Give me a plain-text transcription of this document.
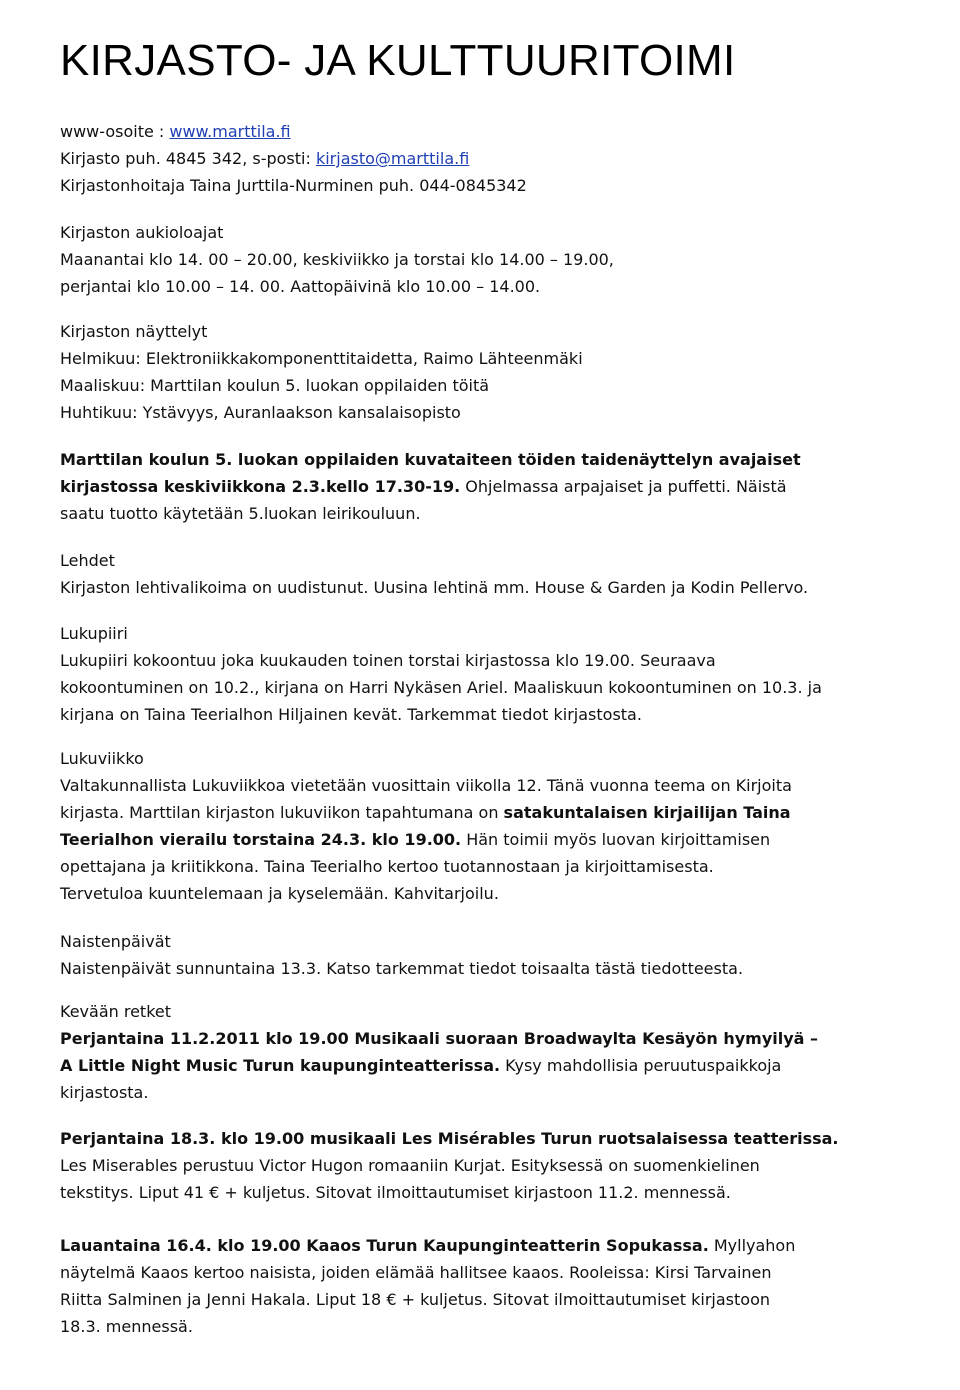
KIRJASTO- JA KULTTUURITOIMI
www-osoite : www.marttila.fi
Kirjasto puh. 4845 342, s-posti: kirjasto@marttila.fi
Kirjastonhoitaja Taina Jurttila-Nurminen puh. 044-0845342
Kirjaston aukioloajat
Maanantai klo 14. 00 – 20.00, keskiviikko ja torstai klo 14.00 – 19.00,
perjantai klo 10.00 – 14. 00. Aattopäivinä klo 10.00 – 14.00.
Kirjaston näyttelyt
Helmikuu: Elektroniikkakomponenttitaidetta, Raimo Lähteenmäki
Maaliskuu: Marttilan koulun 5. luokan oppilaiden töitä
Huhtikuu: Ystävyys, Auranlaakson kansalaisopisto
Marttilan koulun 5. luokan oppilaiden kuvataiteen töiden taidenäyttelyn avajaiset
kirjastossa keskiviikkona 2.3.kello 17.30-19. Ohjelmassa arpajaiset ja puffetti. Näistä
saatu tuotto käytetään 5.luokan leirikouluun.
Lehdet
Kirjaston lehtivalikoima on uudistunut. Uusina lehtinä mm. House & Garden ja Kodin Pellervo.
Lukupiiri
Lukupiiri kokoontuu joka kuukauden toinen torstai kirjastossa klo 19.00. Seuraava
kokoontuminen on 10.2., kirjana on Harri Nykäsen Ariel. Maaliskuun kokoontuminen on 10.3. ja
kirjana on Taina Teerialhon Hiljainen kevät. Tarkemmat tiedot kirjastosta.
Lukuviikko
Valtakunnallista Lukuviikkoa vietetään vuosittain viikolla 12. Tänä vuonna teema on Kirjoita
kirjasta. Marttilan kirjaston lukuviikon tapahtumana on satakuntalaisen kirjailijan Taina
Teerialhon vierailu torstaina 24.3. klo 19.00. Hän toimii myös luovan kirjoittamisen
opettajana ja kriitikkona. Taina Teerialho kertoo tuotannostaan ja kirjoittamisesta.
Tervetuloa kuuntelemaan ja kyselemään. Kahvitarjoilu.
Naistenpäivät
Naistenpäivät sunnuntaina 13.3. Katso tarkemmat tiedot toisaalta tästä tiedotteesta.
Kevään retket
Perjantaina 11.2.2011 klo 19.00 Musikaali suoraan Broadwaylta Kesäyön hymyilyä –
A Little Night Music Turun kaupunginteatterissa. Kysy mahdollisia peruutuspaikkoja
kirjastosta.
Perjantaina 18.3. klo 19.00 musikaali Les Misérables Turun ruotsalaisessa teatterissa.
Les Miserables perustuu Victor Hugon romaaniin Kurjat. Esityksessä on suomenkielinen
tekstitys. Liput 41 € + kuljetus. Sitovat ilmoittautumiset kirjastoon 11.2. mennessä.
Lauantaina 16.4. klo 19.00 Kaaos Turun Kaupunginteatterin Sopukassa. Myllyahon
näytelmä Kaaos kertoo naisista, joiden elämää hallitsee kaaos. Rooleissa: Kirsi Tarvainen
Riitta Salminen ja Jenni Hakala. Liput 18 € + kuljetus. Sitovat ilmoittautumiset kirjastoon
18.3. mennessä.
